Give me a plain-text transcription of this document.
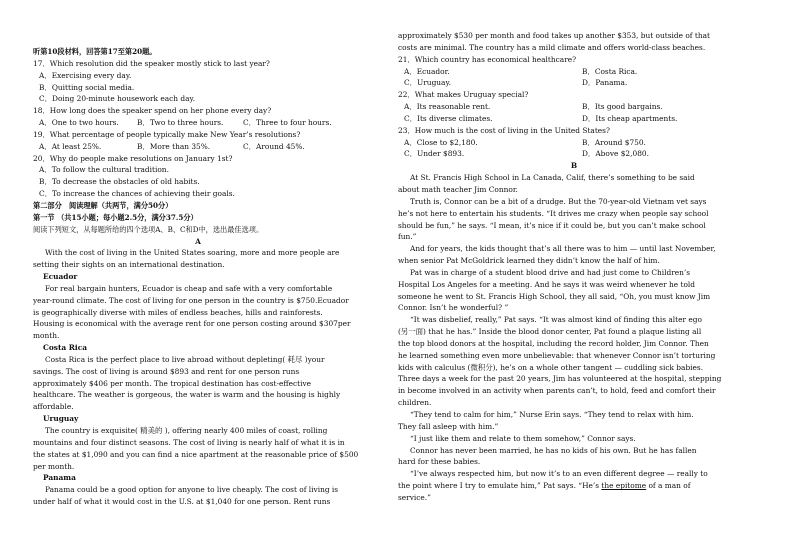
听第10段材料，回答第17至第20题。
17．Which resolution did the speaker mostly stick to last year?
A．Exercising every day.
B．Quitting social media.
C．Doing 20-minute housework each day.
18．How long does the speaker spend on her phone every day?
A．One to two hours.	B．Two to three hours.	C．Three to four hours.
19．What percentage of people typically make New Year’s resolutions?
A．At least 25%.	B．More than 35%.	C．Around 45%.
20．Why do people make resolutions on January 1st?
A．To follow the cultural tradition.
B．To decrease the obstacles of old habits.
C．To increase the chances of achieving their goals.
第二部分　阅读理解（共两节，满分50分）
第一节 （共15小题；每小题2.5分，满分37.5分）
阅读下列短文，从每题所给的四个选项A、B、C和D中，选出最佳选项。
A
With the cost of living in the United States soaring, more and more people are
setting their sights on an international destination.
Ecuador
For real bargain hunters, Ecuador is cheap and safe with a very comfortable
year-round climate. The cost of living for one person in the country is $750.Ecuador
is geographically diverse with miles of endless beaches, hills and rainforests.
Housing is economical with the average rent for one person costing around $307per
month.
Costa Rica
Costa Rica is the perfect place to live abroad without depleting( 耗尽 )your
savings. The cost of living is around $893 and rent for one person runs
approximately $406 per month. The tropical destination has cost-effective
healthcare. The weather is gorgeous, the water is warm and the housing is highly
affordable.
Uruguay
The country is exquisite( 精美的 ), offering nearly 400 miles of coast, rolling
mountains and four distinct seasons. The cost of living is nearly half of what it is in
the states at $1,090 and you can find a nice apartment at the reasonable price of $500
per month.
Panama
Panama could be a good option for anyone to live cheaply. The cost of living is
under half of what it would cost in the U.S. at $1,040 for one person. Rent runs
approximately $530 per month and food takes up another $353, but outside of that
costs are minimal. The country has a mild climate and offers world-class beaches.
21．Which country has economical healthcare?
A．Ecuador.	B．Costa Rica.
C．Uruguay.	D．Panama.
22．What makes Uruguay special?
A．Its reasonable rent.	B．Its good bargains.
C．Its diverse climates.	D．Its cheap apartments.
23．How much is the cost of living in the United States?
A．Close to $2,180.	B．Around $750.
C．Under $893.	D．Above $2,080.
B
At St. Francis High School in La Canada, Calif, there’s something to be said
about math teacher Jim Connor.
Truth is, Connor can be a bit of a drudge. But the 70-year-old Vietnam vet says
he’s not here to entertain his students. “It drives me crazy when people say school
should be fun,” he says. “I mean, it’s nice if it could be, but you can’t make school
fun.”
And for years, the kids thought that’s all there was to him — until last November,
when senior Pat McGoldrick learned they didn’t know the half of him.
Pat was in charge of a student blood drive and had just come to Children’s
Hospital Los Angeles for a meeting. And he says it was weird whenever he told
someone he went to St. Francis High School, they all said, “Oh, you must know Jim
Connor. Isn’t he wonderful? ”
“It was disbelief, really,” Pat says. “It was almost kind of finding this alter ego
(另一面) that he has.” Inside the blood donor center, Pat found a plaque listing all
the top blood donors at the hospital, including the record holder, Jim Connor. Then
he learned something even more unbelievable: that whenever Connor isn’t torturing
kids with calculus (微积分), he’s on a whole other tangent — cuddling sick babies.
Three days a week for the past 20 years, Jim has volunteered at the hospital, stepping
in become involved in an activity when parents can’t, to hold, feed and comfort their
children.
“They tend to calm for him,” Nurse Erin says. “They tend to relax with him.
They fall asleep with him.”
“I just like them and relate to them somehow,” Connor says.
Connor has never been married, he has no kids of his own. But he has fallen
hard for these babies.
“I’ve always respected him, but now it’s to an even different degree — really to
the point where I try to emulate him,” Pat says. “He’s the epitome of a man of
service.”
